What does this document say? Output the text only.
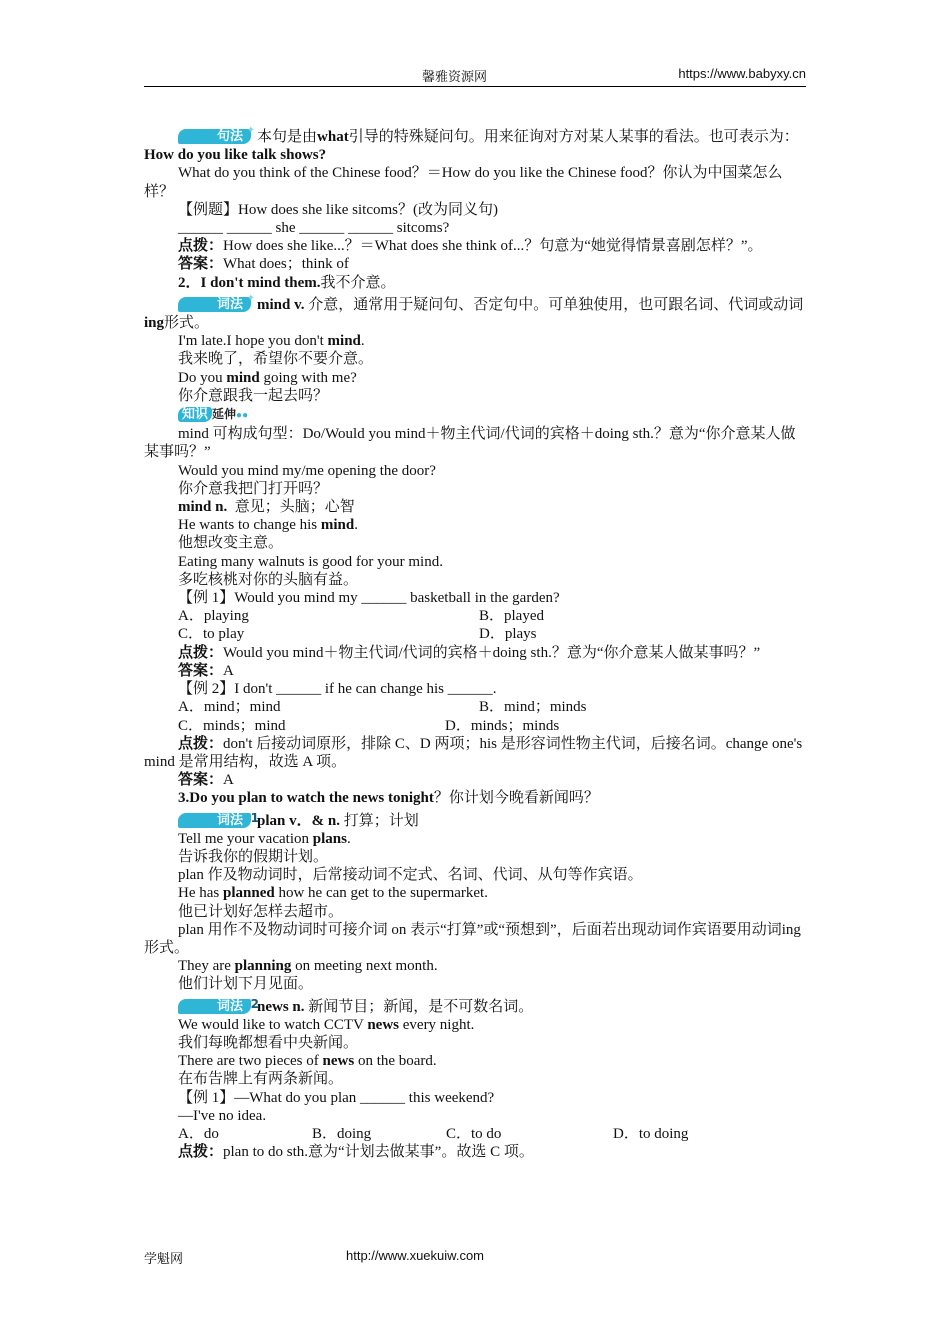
馨雅资源网	https://www.babyxy.cn

句法 ✦ 本句是由what引导的特殊疑问句。用来征询对方对某人某事的看法。也可表示为：How do you like talk shows?

What do you think of the Chinese food？＝How do you like the Chinese food？你认为中国菜怎么样？

【例题】How does she like sitcoms？(改为同义句)

______ ______ she ______ ______ sitcoms?

点拨：How does she like...？＝What does she think of...？句意为“她觉得情景喜剧怎样？”。

答案：What does；think of

2．I don't mind them.我不介意。

词法 ✦ mind v. 介意，通常用于疑问句、否定句中。可单独使用，也可跟名词、代词或动词ing形式。

I'm late.I hope you don't mind.

我来晚了，希望你不要介意。

Do you mind going with me?

你介意跟我一起去吗？

知识 延伸●●

mind 可构成句型：Do/Would you mind＋物主代词/代词的宾格＋doing sth.？意为“你介意某人做某事吗？”

Would you mind my/me opening the door?

你介意我把门打开吗？

mind n. 意见；头脑；心智

He wants to change his mind.

他想改变主意。

Eating many walnuts is good for your mind.

多吃核桃对你的头脑有益。

【例 1】Would you mind my ______ basketball in the garden?

A．playing	B．played
C．to play	D．plays

点拨：Would you mind＋物主代词/代词的宾格＋doing sth.？意为“你介意某人做某事吗？”

答案：A

【例 2】I don't ______ if he can change his ______.

A．mind；mind	B．mind；minds
C．minds；mind	D．minds；minds

点拨：don't 后接动词原形，排除 C、D 两项；his 是形容词性物主代词，后接名词。change one's mind 是常用结构，故选 A 项。

答案：A

3.Do you plan to watch the news tonight？你计划今晚看新闻吗？

词法 1
plan v．& n. 打算；计划

Tell me your vacation plans.

告诉我你的假期计划。

plan 作及物动词时，后常接动词不定式、名词、代词、从句等作宾语。

He has planned how he can get to the supermarket.

他已计划好怎样去超市。

plan 用作不及物动词时可接介词 on 表示“打算”或“预想到”，后面若出现动词作宾语要用动词ing 形式。

They are planning on meeting next month.

他们计划下月见面。

词法 2
news n. 新闻节目；新闻，是不可数名词。

We would like to watch CCTV news every night.

我们每晚都想看中央新闻。

There are two pieces of news on the board.

在布告牌上有两条新闻。

【例 1】—What do you plan ______ this weekend?

—I've no idea.

A．do	B．doing	C．to do	D．to doing

点拨：plan to do sth.意为“计划去做某事”。故选 C 项。

学魁网	http://www.xuekuiw.com
